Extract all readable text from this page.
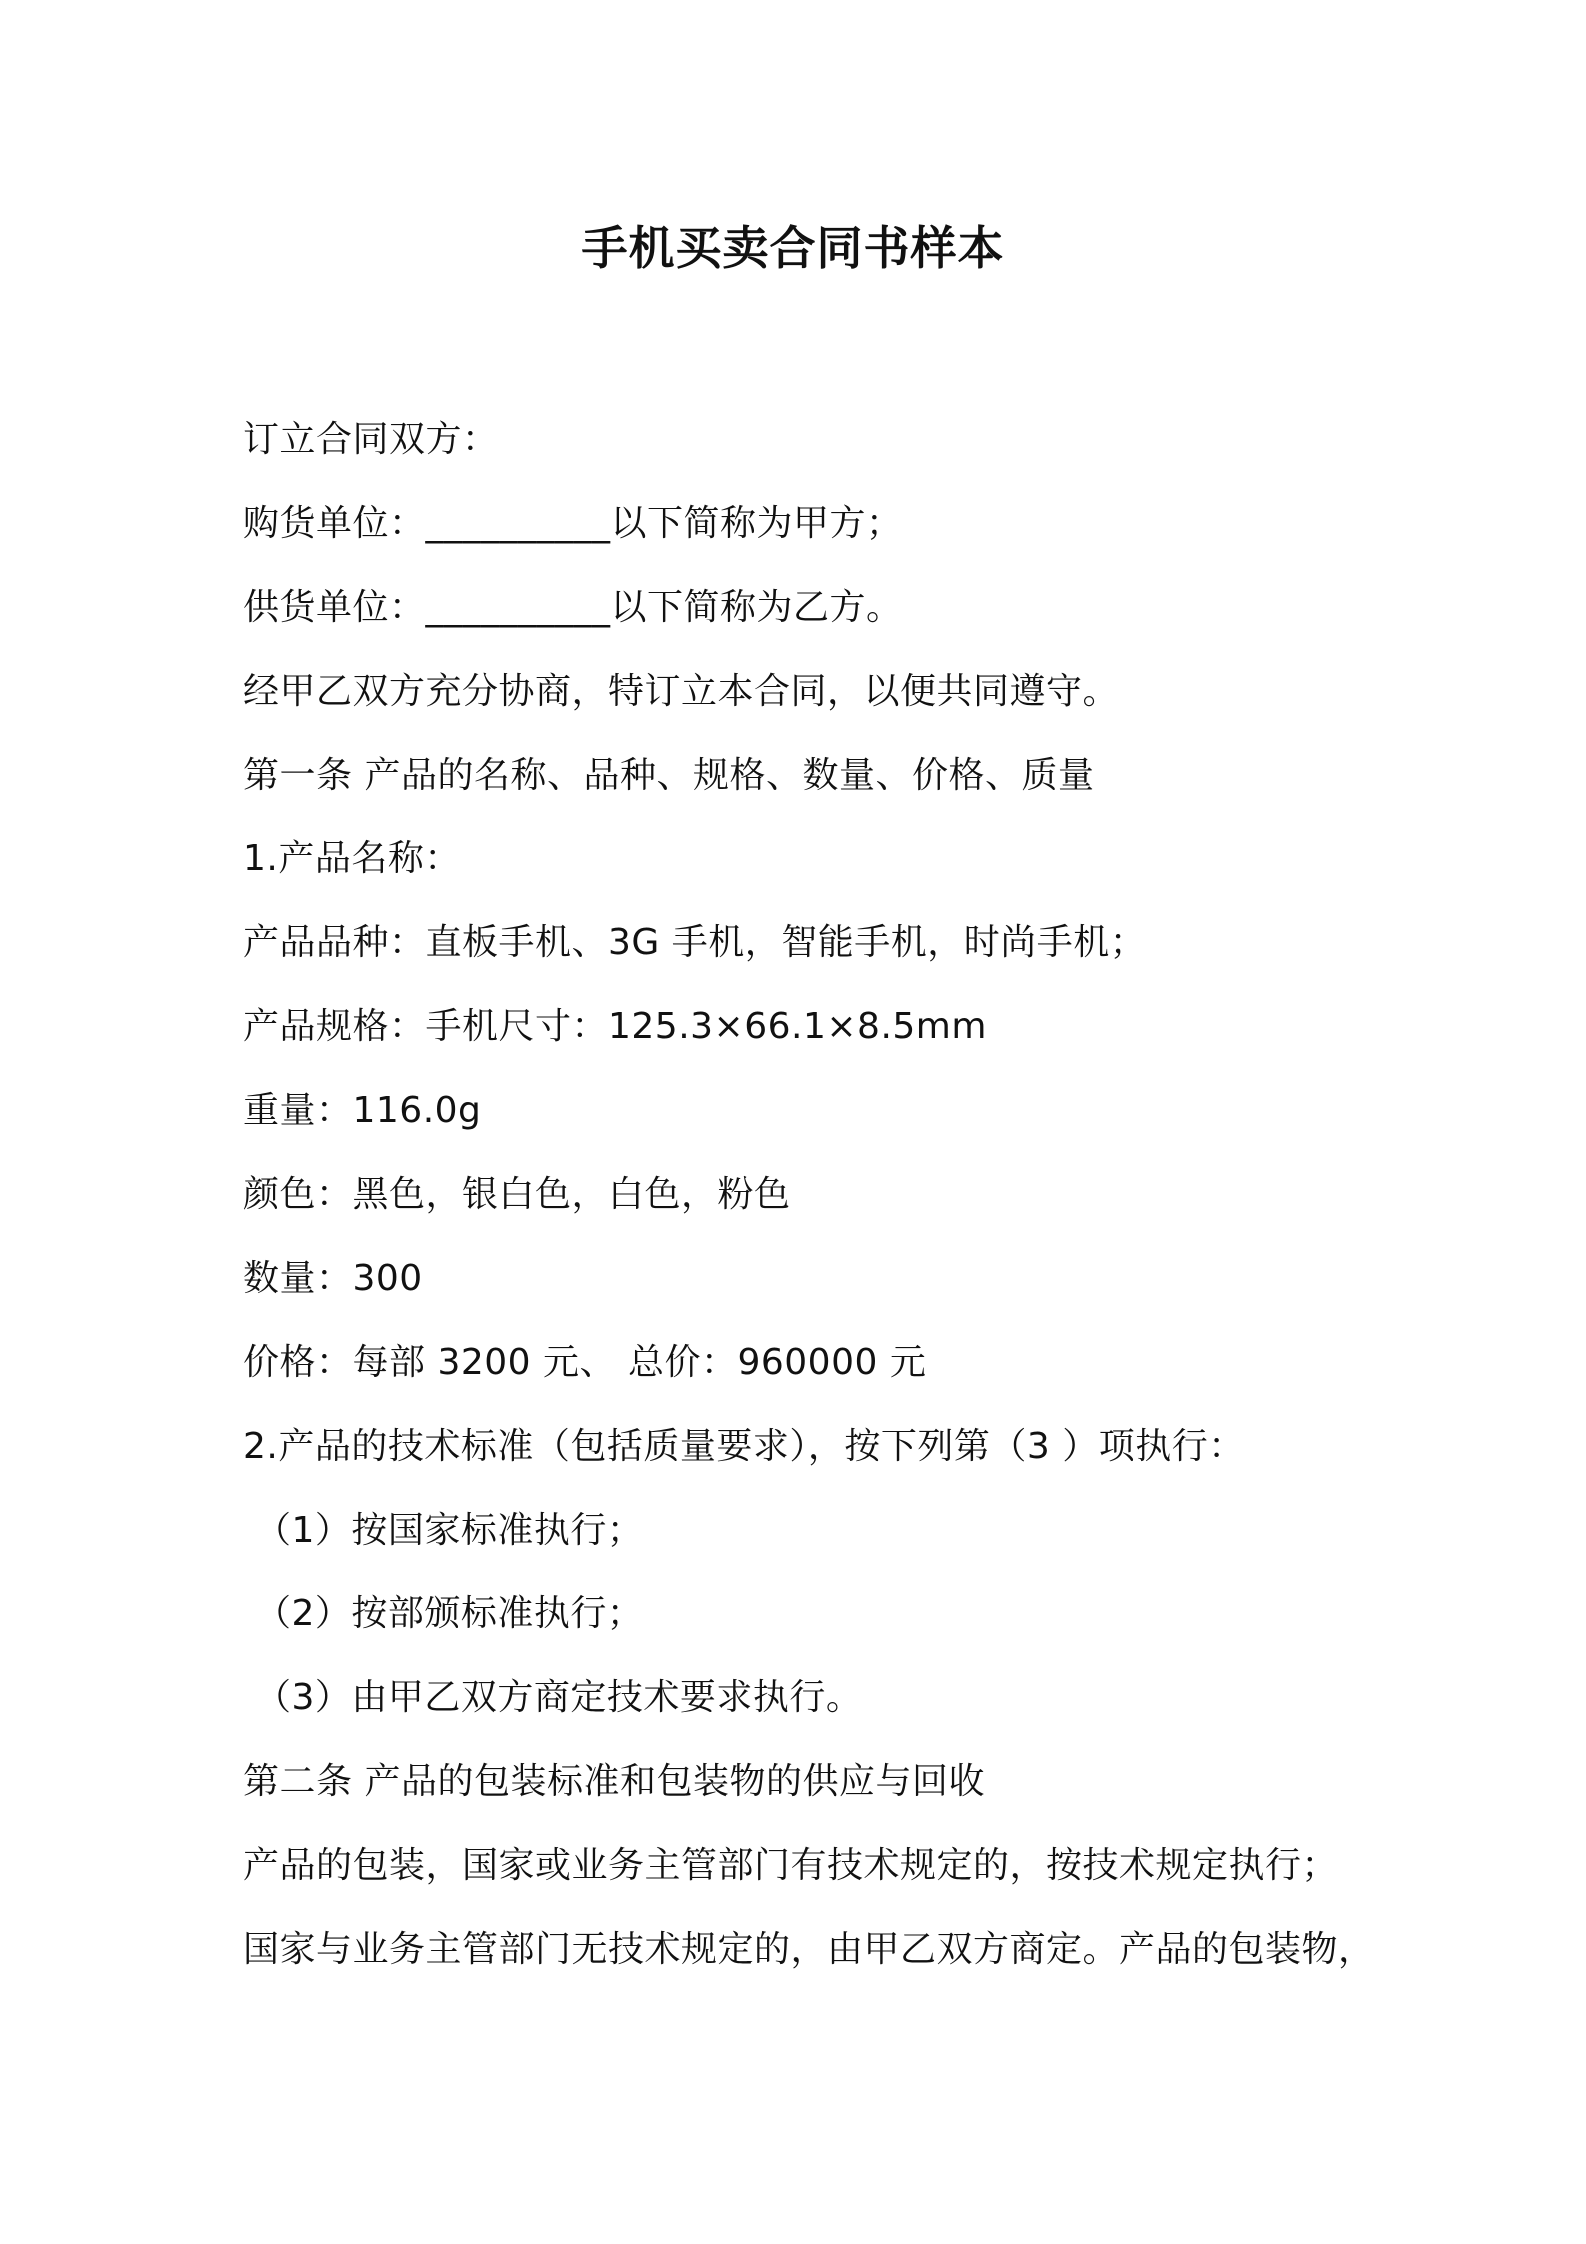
手机买卖合同书样本
订立合同双方：
购货单位：__________以下简称为甲方；
供货单位：__________以下简称为乙方。
经甲乙双方充分协商，特订立本合同，以便共同遵守。
第一条 产品的名称、品种、规格、数量、价格、质量
1.产品名称：
产品品种：直板手机、3G 手机，智能手机，时尚手机；
产品规格：手机尺寸：125.3×66.1×8.5mm
重量：116.0g
颜色：黑色，银白色，白色，粉色
数量：300
价格：每部 3200 元、 总价：960000 元
2.产品的技术标准（包括质量要求），按下列第（3 ）项执行：
（1）按国家标准执行；
（2）按部颁标准执行；
（3）由甲乙双方商定技术要求执行。
第二条 产品的包装标准和包装物的供应与回收
产品的包装，国家或业务主管部门有技术规定的，按技术规定执行；
国家与业务主管部门无技术规定的，由甲乙双方商定。产品的包装物，
